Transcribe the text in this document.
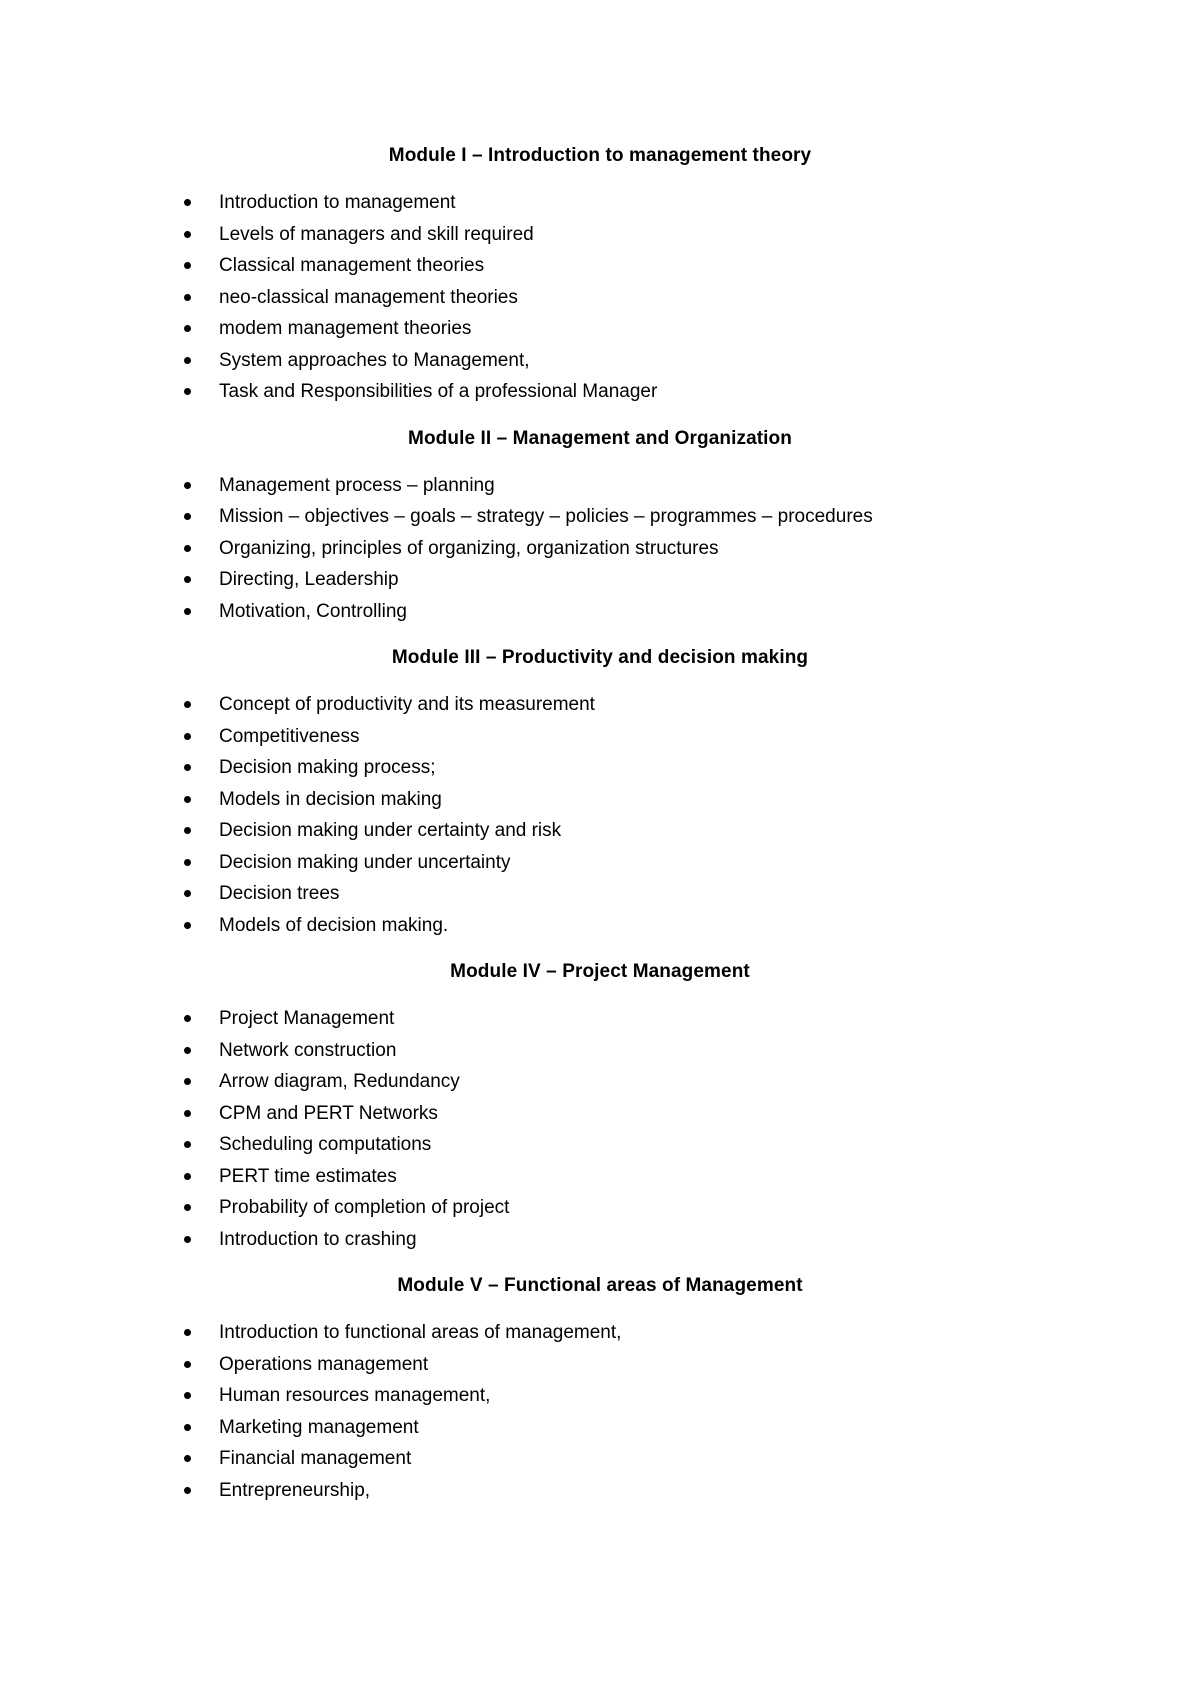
Module I – Introduction to management theory
Introduction to management
Levels of managers and skill required
Classical management theories
neo-classical management theories
modem management theories
System approaches to Management,
Task and Responsibilities of a professional Manager
Module II – Management and Organization
Management process – planning
Mission – objectives – goals – strategy – policies – programmes – procedures
Organizing, principles of organizing, organization structures
Directing, Leadership
Motivation, Controlling
Module III – Productivity and decision making
Concept of productivity and its measurement
Competitiveness
Decision making process;
Models in decision making
Decision making under certainty and risk
Decision making under uncertainty
Decision trees
Models of decision making.
Module IV – Project Management
Project Management
Network construction
Arrow diagram, Redundancy
CPM and PERT Networks
Scheduling computations
PERT time estimates
Probability of completion of project
Introduction to crashing
Module V – Functional areas of Management
Introduction to functional areas of management,
Operations management
Human resources management,
Marketing management
Financial management
Entrepreneurship,
